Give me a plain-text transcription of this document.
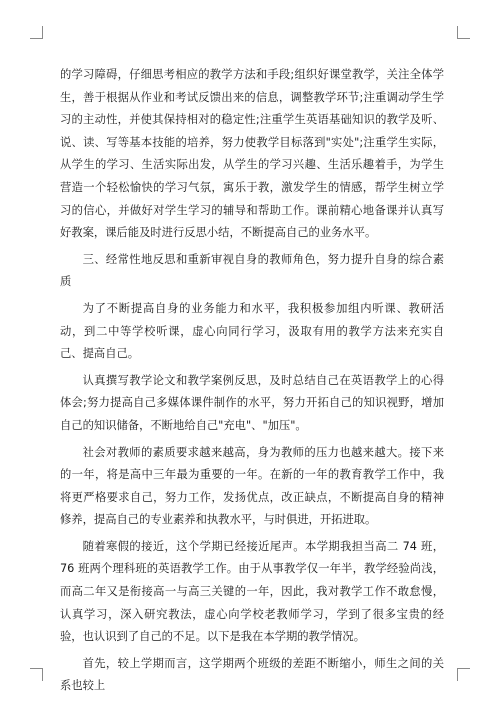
的学习障碍，仔细思考相应的教学方法和手段;组织好课堂教学，关注全体学生，善于根据从作业和考试反馈出来的信息，调整教学环节;注重调动学生学习的主动性，并使其保持相对的稳定性;注重学生英语基础知识的教学及听、说、读、写等基本技能的培养，努力使教学目标落到"实处";注重学生实际，从学生的学习、生活实际出发，从学生的学习兴趣、生活乐趣着手，为学生营造一个轻松愉快的学习气氛，寓乐于教，激发学生的情感，帮学生树立学习的信心，并做好对学生学习的辅导和帮助工作。课前精心地备课并认真写好教案，课后能及时进行反思小结，不断提高自己的业务水平。

三、经常性地反思和重新审视自身的教师角色，努力提升自身的综合素质

为了不断提高自身的业务能力和水平，我积极参加组内听课、教研活动，到二中等学校听课，虚心向同行学习，汲取有用的教学方法来充实自己、提高自己。

认真撰写教学论文和教学案例反思，及时总结自己在英语教学上的心得体会;努力提高自己多媒体课件制作的水平，努力开拓自己的知识视野，增加自己的知识储备，不断地给自己"充电"、"加压"。

社会对教师的素质要求越来越高，身为教师的压力也越来越大。接下来的一年，将是高中三年最为重要的一年。在新的一年的教育教学工作中，我将更严格要求自己，努力工作，发扬优点，改正缺点，不断提高自身的精神修养，提高自己的专业素养和执教水平，与时俱进，开拓进取。

随着寒假的接近，这个学期已经接近尾声。本学期我担当高二 74 班，76 班两个理科班的英语教学工作。由于从事教学仅一年半，教学经验尚浅，而高二年又是衔接高一与高三关键的一年，因此，我对教学工作不敢怠慢，认真学习，深入研究教法，虚心向学校老教师学习，学到了很多宝贵的经验，也认识到了自己的不足。以下是我在本学期的教学情况。

首先，较上学期而言，这学期两个班级的差距不断缩小，师生之间的关系也较上
